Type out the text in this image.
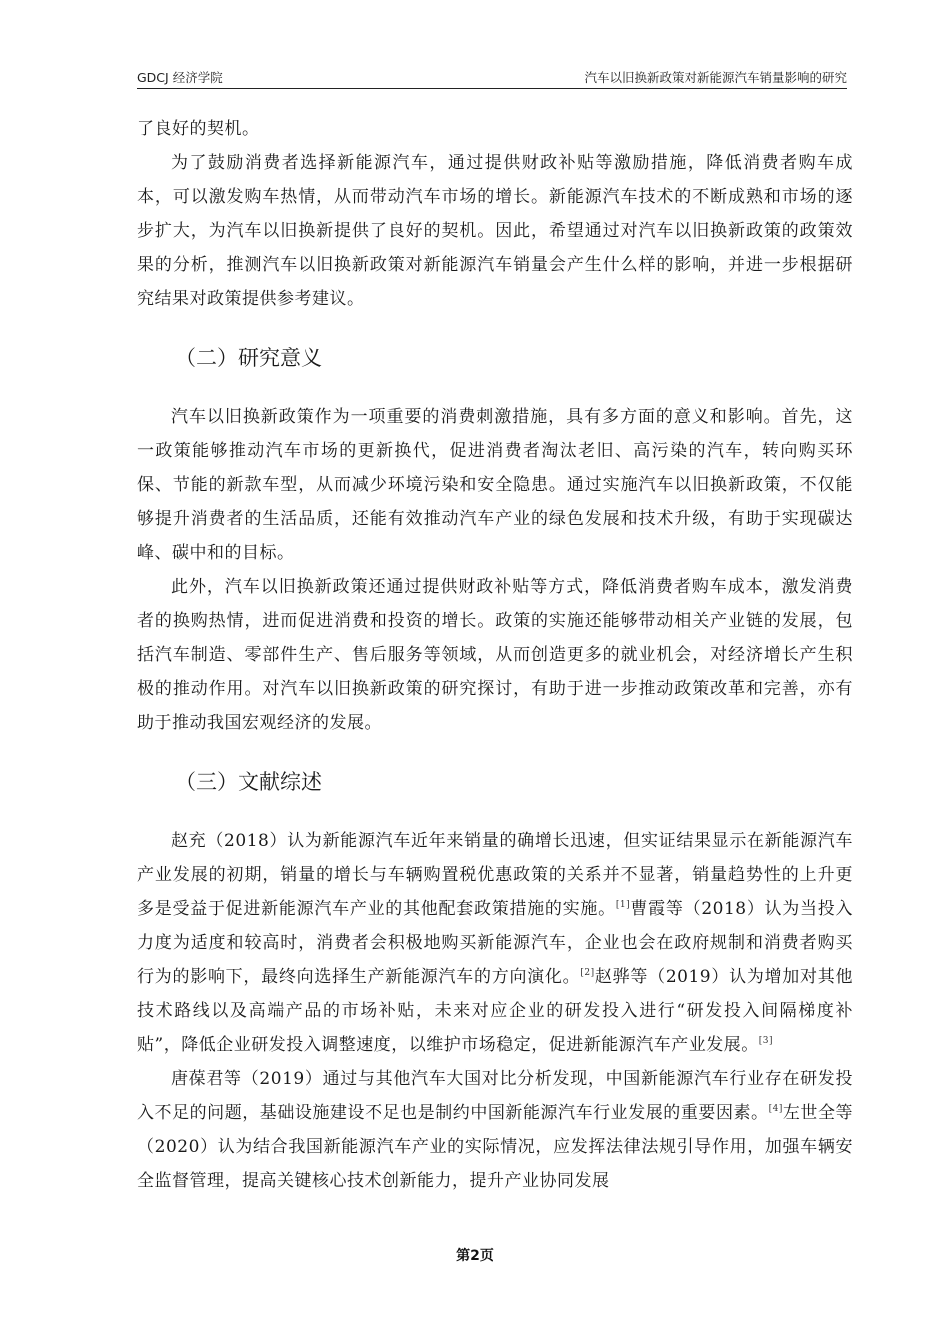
GDCJ 经济学院	汽车以旧换新政策对新能源汽车销量影响的研究

了良好的契机。

为了鼓励消费者选择新能源汽车，通过提供财政补贴等激励措施，降低消费者购车成本，可以激发购车热情，从而带动汽车市场的增长。新能源汽车技术的不断成熟和市场的逐步扩大，为汽车以旧换新提供了良好的契机。因此，希望通过对汽车以旧换新政策的政策效果的分析，推测汽车以旧换新政策对新能源汽车销量会产生什么样的影响，并进一步根据研究结果对政策提供参考建议。

（二）研究意义

汽车以旧换新政策作为一项重要的消费刺激措施，具有多方面的意义和影响。首先，这一政策能够推动汽车市场的更新换代，促进消费者淘汰老旧、高污染的汽车，转向购买环保、节能的新款车型，从而减少环境污染和安全隐患。通过实施汽车以旧换新政策，不仅能够提升消费者的生活品质，还能有效推动汽车产业的绿色发展和技术升级，有助于实现碳达峰、碳中和的目标。

此外，汽车以旧换新政策还通过提供财政补贴等方式，降低消费者购车成本，激发消费者的换购热情，进而促进消费和投资的增长。政策的实施还能够带动相关产业链的发展，包括汽车制造、零部件生产、售后服务等领域，从而创造更多的就业机会，对经济增长产生积极的推动作用。对汽车以旧换新政策的研究探讨，有助于进一步推动政策改革和完善，亦有助于推动我国宏观经济的发展。

（三）文献综述

赵充（2018）认为新能源汽车近年来销量的确增长迅速，但实证结果显示在新能源汽车产业发展的初期，销量的增长与车辆购置税优惠政策的关系并不显著，销量趋势性的上升更多是受益于促进新能源汽车产业的其他配套政策措施的实施。[1]曹霞等（2018）认为当投入力度为适度和较高时，消费者会积极地购买新能源汽车，企业也会在政府规制和消费者购买行为的影响下，最终向选择生产新能源汽车的方向演化。[2]赵骅等（2019）认为增加对其他技术路线以及高端产品的市场补贴，未来对应企业的研发投入进行“研发投入间隔梯度补贴”，降低企业研发投入调整速度，以维护市场稳定，促进新能源汽车产业发展。[3]

唐葆君等（2019）通过与其他汽车大国对比分析发现，中国新能源汽车行业存在研发投入不足的问题，基础设施建设不足也是制约中国新能源汽车行业发展的重要因素。[4]左世全等（2020）认为结合我国新能源汽车产业的实际情况，应发挥法律法规引导作用，加强车辆安全监督管理，提高关键核心技术创新能力，提升产业协同发展

第2页
